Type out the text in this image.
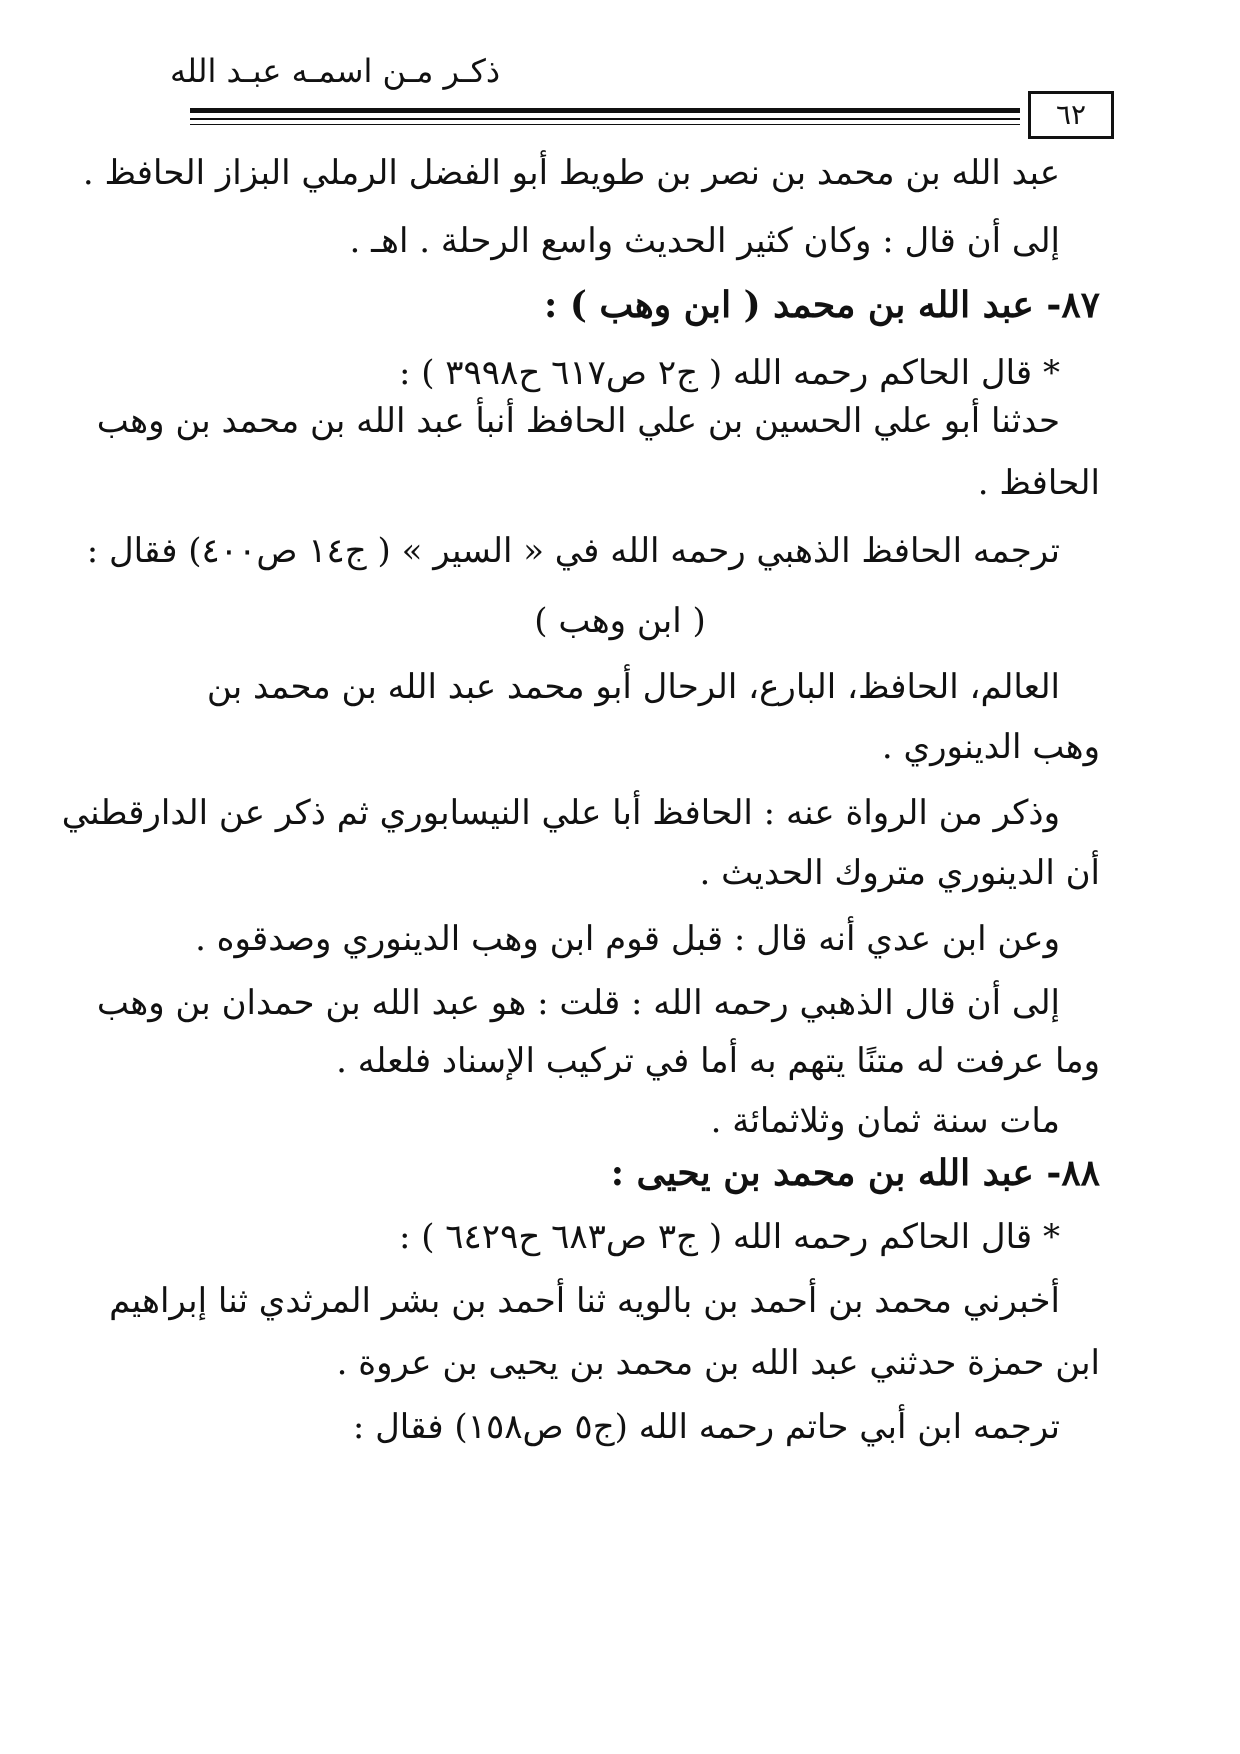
ذكـر مـن اسمـه عبـد الله
٦٢
عبد الله بن محمد بن نصر بن طويط أبو الفضل الرملي البزاز الحافظ .
إلى أن قال : وكان كثير الحديث واسع الرحلة . اهـ .
٨٧- عبد الله بن محمد ( ابن وهب ) :
* قال الحاكم رحمه الله ( ج٢ ص٦١٧ ح٣٩٩٨ ) :
حدثنا أبو علي الحسين بن علي الحافظ أنبأ عبد الله بن محمد بن وهب
الحافظ .
ترجمه الحافظ الذهبي رحمه الله في « السير » ( ج١٤ ص٤٠٠) فقال :
( ابن وهب )
العالم، الحافظ، البارع، الرحال أبو محمد عبد الله بن محمد بن
وهب الدينوري .
وذكر من الرواة عنه : الحافظ أبا علي النيسابوري ثم ذكر عن الدارقطني
أن الدينوري متروك الحديث .
وعن ابن عدي أنه قال : قبل قوم ابن وهب الدينوري وصدقوه .
إلى أن قال الذهبي رحمه الله : قلت : هو عبد الله بن حمدان بن وهب
وما عرفت له متنًا يتهم به أما في تركيب الإسناد فلعله .
مات سنة ثمان وثلاثمائة .
٨٨- عبد الله بن محمد بن يحيى :
* قال الحاكم رحمه الله ( ج٣ ص٦٨٣ ح٦٤٢٩ ) :
أخبرني محمد بن أحمد بن بالويه ثنا أحمد بن بشر المرثدي ثنا إبراهيم
ابن حمزة حدثني عبد الله بن محمد بن يحيى بن عروة .
ترجمه ابن أبي حاتم رحمه الله (ج٥ ص١٥٨) فقال :
